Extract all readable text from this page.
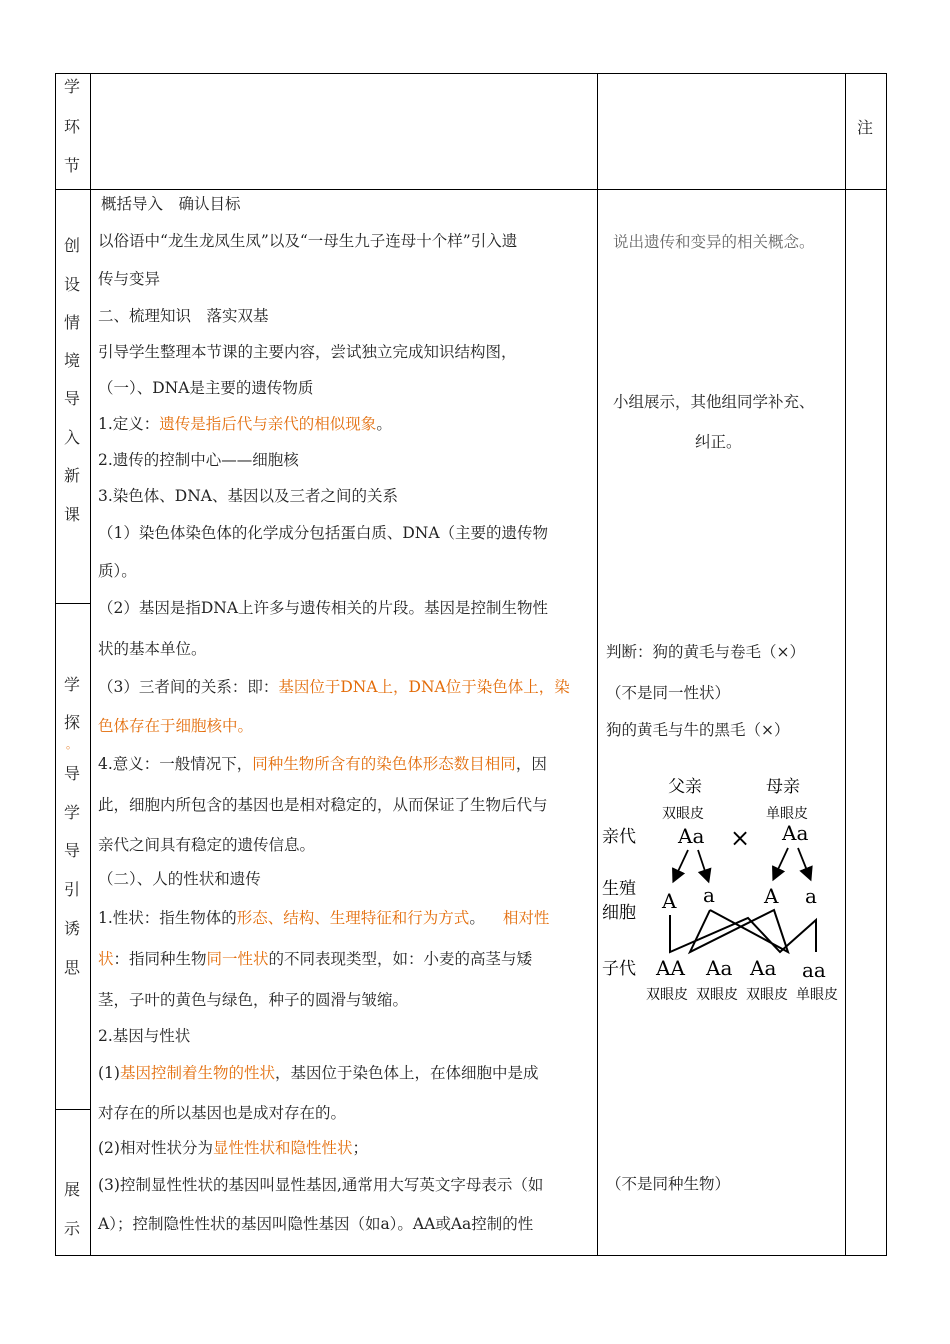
学
环
节
注
创
设
情
境
导
入
新
课
学
探
。
导
学
导
引
诱
思
展
示
概括导入　确认目标
以俗语中“龙生龙凤生凤”以及“一母生九子连母十个样”引入遗
传与变异
二、梳理知识　落实双基
引导学生整理本节课的主要内容，尝试独立完成知识结构图，
（一）、DNA是主要的遗传物质
1.定义：遗传是指后代与亲代的相似现象。
2.遗传的控制中心——细胞核
3.染色体、DNA、基因以及三者之间的关系
（1）染色体染色体的化学成分包括蛋白质、DNA（主要的遗传物
质）。
（2）基因是指DNA上许多与遗传相关的片段。基因是控制生物性
状的基本单位。
（3）三者间的关系：即：基因位于DNA上，DNA位于染色体上，染
色体存在于细胞核中。
4.意义：一般情况下，同种生物所含有的染色体形态数目相同，因
此，细胞内所包含的基因也是相对稳定的，从而保证了生物后代与
亲代之间具有稳定的遗传信息。
（二）、人的性状和遗传
1.性状：指生物体的形态、结构、生理特征和行为方式。 相对性
状：指同种生物同一性状的不同表现类型，如：小麦的高茎与矮
茎，子叶的黄色与绿色，种子的圆滑与皱缩。
2.基因与性状
(1)基因控制着生物的性状，基因位于染色体上，在体细胞中是成
对存在的所以基因也是成对存在的。
(2)相对性状分为显性性状和隐性性状；
(3)控制显性性状的基因叫显性基因,通常用大写英文字母表示（如
A）；控制隐性性状的基因叫隐性基因（如a）。AA或Aa控制的性
说出遗传和变异的相关概念。
小组展示，其他组同学补充、
纠正。
判断：狗的黄毛与卷毛（×）
（不是同一性状）
狗的黄毛与牛的黑毛（×）
（不是同种生物）
父亲	母亲
双眼皮	单眼皮
亲代 Aa × Aa
生殖
细胞 A a A a
子代 AA Aa Aa aa
双眼皮 双眼皮 双眼皮 单眼皮
